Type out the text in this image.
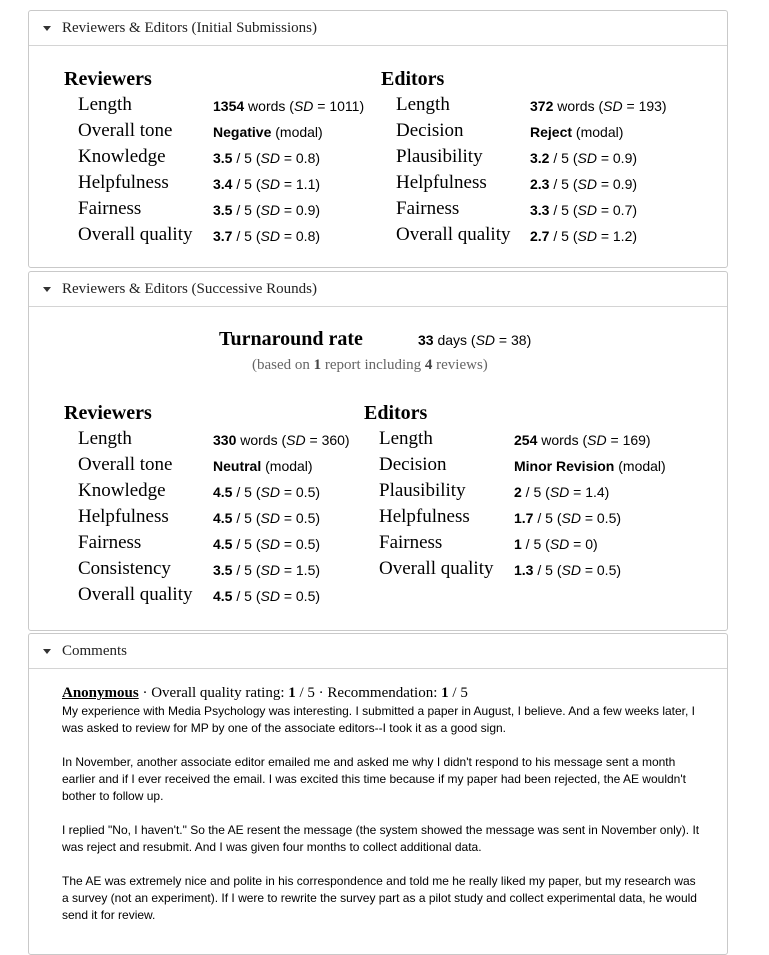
Reviewers & Editors (Initial Submissions)
Reviewers	Editors
Length	1354 words (SD = 1011)
Overall tone	Negative (modal)
Knowledge	3.5 / 5 (SD = 0.8)
Helpfulness	3.4 / 5 (SD = 1.1)
Fairness	3.5 / 5 (SD = 0.9)
Overall quality 3.7 / 5 (SD = 0.8)
Length	372 words (SD = 193)
Decision	Reject (modal)
Plausibility	3.2 / 5 (SD = 0.9)
Helpfulness	2.3 / 5 (SD = 0.9)
Fairness	3.3 / 5 (SD = 0.7)
Overall quality 2.7 / 5 (SD = 1.2)
Reviewers & Editors (Successive Rounds)
Turnaround rate	33 days (SD = 38)
(based on 1 report including 4 reviews)
Reviewers	Editors
Length	330 words (SD = 360)
Overall tone	Neutral (modal)
Knowledge	4.5 / 5 (SD = 0.5)
Helpfulness	4.5 / 5 (SD = 0.5)
Fairness	4.5 / 5 (SD = 0.5)
Consistency	3.5 / 5 (SD = 1.5)
Overall quality 4.5 / 5 (SD = 0.5)
Length	254 words (SD = 169)
Decision	Minor Revision (modal)
Plausibility	2 / 5 (SD = 1.4)
Helpfulness	1.7 / 5 (SD = 0.5)
Fairness	1 / 5 (SD = 0)
Overall quality 1.3 / 5 (SD = 0.5)
Comments
Anonymous · Overall quality rating: 1 / 5 · Recommendation: 1 / 5

My experience with Media Psychology was interesting. I submitted a paper in August, I believe. And a few weeks later, I was asked to review for MP by one of the associate editors--I took it as a good sign.

In November, another associate editor emailed me and asked me why I didn't respond to his message sent a month earlier and if I ever received the email. I was excited this time because if my paper had been rejected, the AE wouldn't bother to follow up.

I replied "No, I haven't." So the AE resent the message (the system showed the message was sent in November only). It was reject and resubmit. And I was given four months to collect additional data.

The AE was extremely nice and polite in his correspondence and told me he really liked my paper, but my research was a survey (not an experiment). If I were to rewrite the survey part as a pilot study and collect experimental data, he would send it for review.
